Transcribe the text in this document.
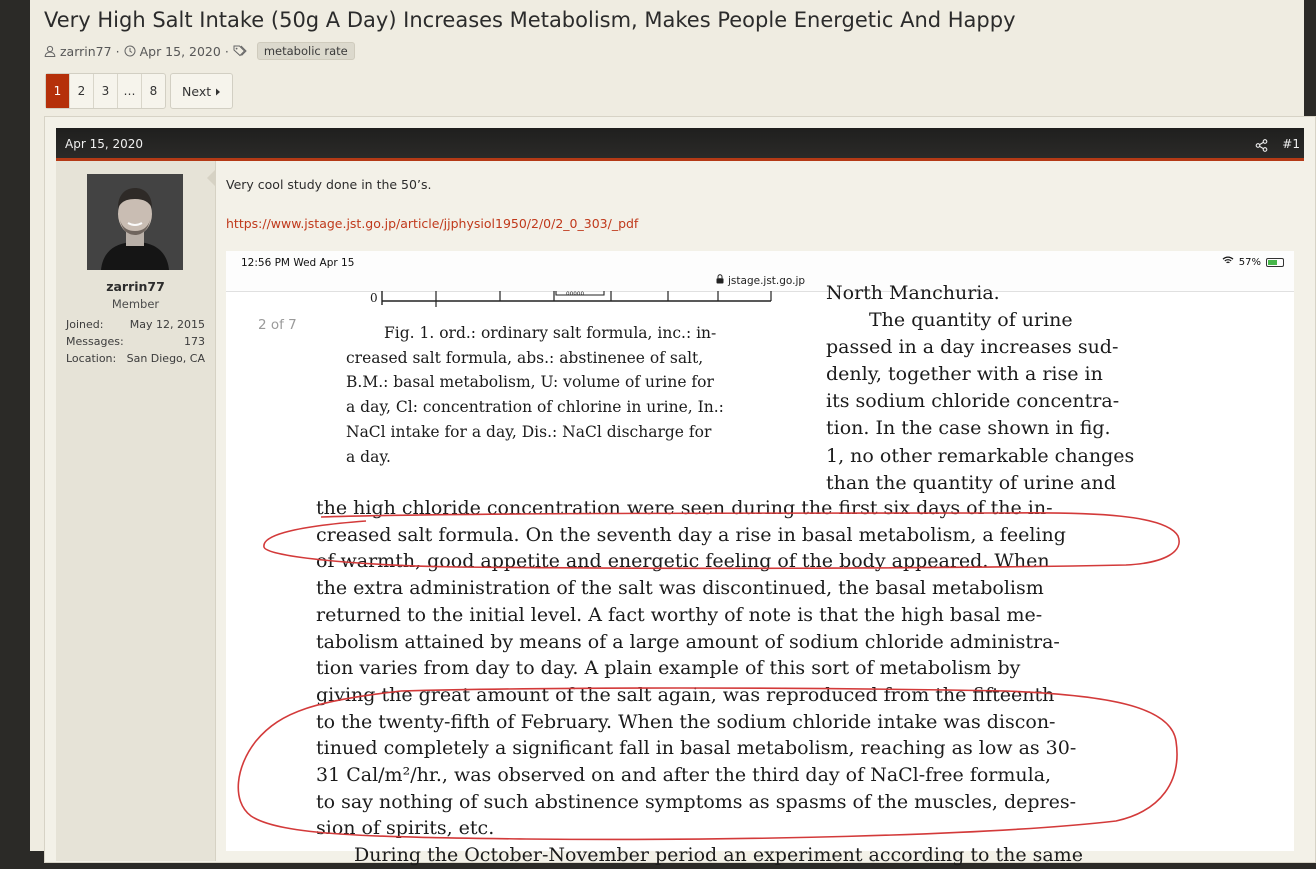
Very High Salt Intake (50g A Day) Increases Metabolism, Makes People Energetic And Happy
zarrin77 · Apr 15, 2020 ·	metabolic rate
1	2	3	…	8	Next
Apr 15, 2020	#1
zarrin77
Member
Joined: May 12, 2015
Messages:	173
Location: San Diego, CA
Very cool study done in the 50’s.
https://www.jstage.jst.go.jp/article/jjphysiol1950/2/0/2_0_303/_pdf
12:56 PM Wed Apr 15
jstage.jst.go.jp
57%
2 of 7
ooooo
0
Fig. 1. ord.: ordinary salt formula, inc.: in-
creased salt formula, abs.: abstinenee of salt,
B.M.: basal metabolism, U: volume of urine for
a day, Cl: concentration of chlorine in urine, In.:
NaCl intake for a day, Dis.: NaCl discharge for
a day.
North Manchuria.
The quantity of urine
passed in a day increases sud-
denly, together with a rise in
its sodium chloride concentra-
tion. In the case shown in fig.
1, no other remarkable changes
than the quantity of urine and
the high chloride concentration were seen during the first six days of the in-
creased salt formula. On the seventh day a rise in basal metabolism, a feeling
of warmth, good appetite and energetic feeling of the body appeared. When
the extra administration of the salt was discontinued, the basal metabolism
returned to the initial level. A fact worthy of note is that the high basal me-
tabolism attained by means of a large amount of sodium chloride administra-
tion varies from day to day. A plain example of this sort of metabolism by
giving the great amount of the salt again, was reproduced from the fifteenth
to the twenty-fifth of February. When the sodium chloride intake was discon-
tinued completely a significant fall in basal metabolism, reaching as low as 30-
31 Cal/m²/hr., was observed on and after the third day of NaCl-free formula,
to say nothing of such abstinence symptoms as spasms of the muscles, depres-
sion of spirits, etc.
During the October-November period an experiment according to the same
